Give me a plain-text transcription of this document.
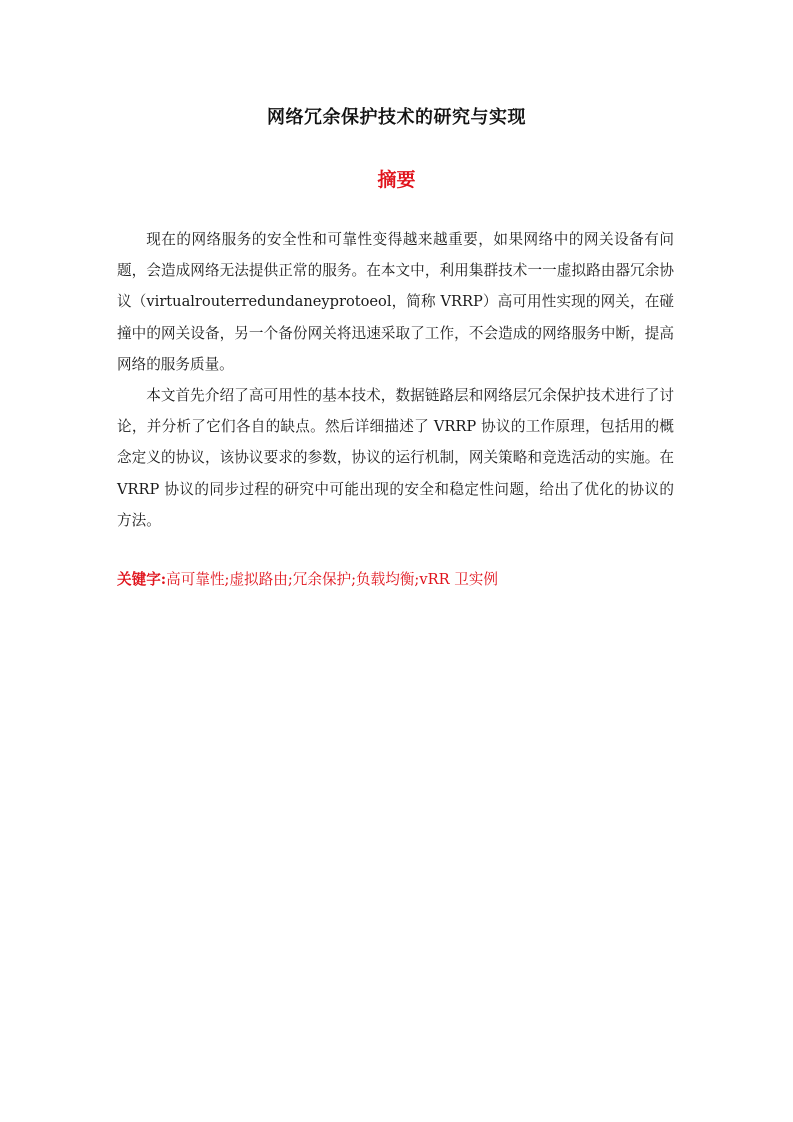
网络冗余保护技术的研究与实现
摘要

现在的网络服务的安全性和可靠性变得越来越重要，如果网络中的网关设备有问题，会造成网络无法提供正常的服务。在本文中，利用集群技术一一虚拟路由器冗余协议（virtualrouterredundaneyprotoeol，简称 VRRP）高可用性实现的网关，在碰撞中的网关设备，另一个备份网关将迅速采取了工作，不会造成的网络服务中断，提高网络的服务质量。

本文首先介绍了高可用性的基本技术，数据链路层和网络层冗余保护技术进行了讨论，并分析了它们各自的缺点。然后详细描述了 VRRP 协议的工作原理，包括用的概念定义的协议，该协议要求的参数，协议的运行机制，网关策略和竞选活动的实施。在 VRRP 协议的同步过程的研究中可能出现的安全和稳定性问题，给出了优化的协议的方法。

关键字:高可靠性;虚拟路由;冗余保护;负载均衡;vRR 卫实例
